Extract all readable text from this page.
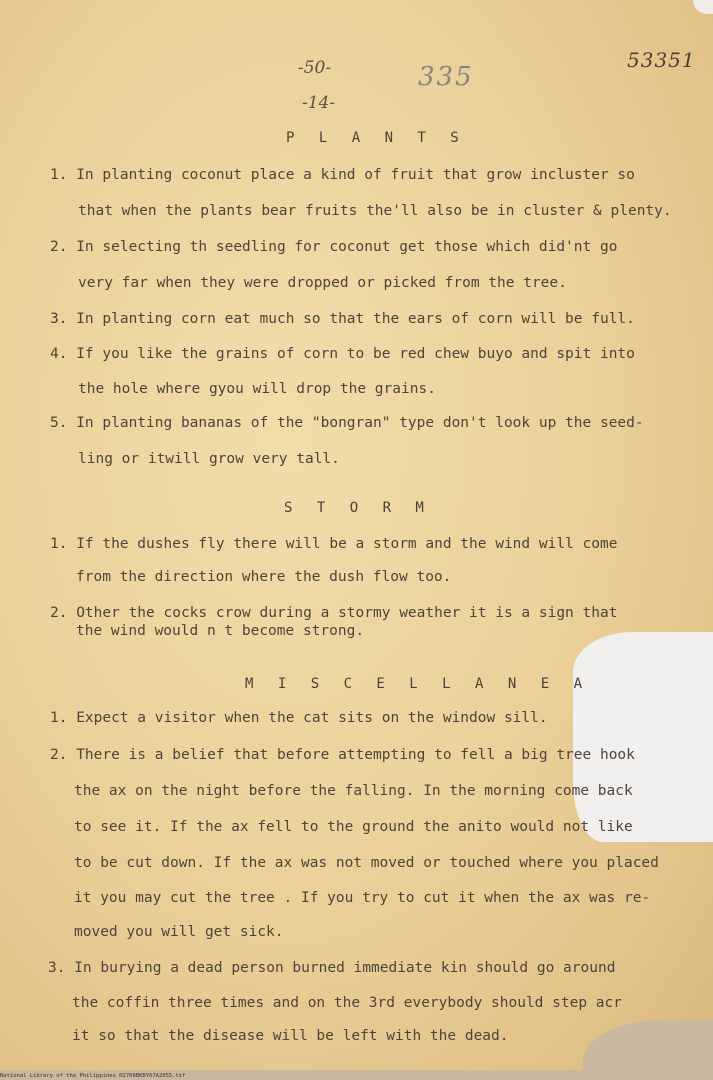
-50-
-14-
335
53351
P L A N T S
1. In planting coconut place a kind of fruit that grow incluster so
that when the plants bear fruits the'll also be in cluster & plenty.
2. In selecting th seedling for coconut get those which did'nt go
very far when they were dropped or picked from the tree.
3. In planting corn eat much so that the ears of corn will be full.
4. If you like the grains of corn to be red chew buyo and spit into
the hole where gyou will drop the grains.
5. In planting bananas of the "bongran" type don't look up the seed-
ling or itwill grow very tall.
S T O R M
1. If the dushes fly there will be a storm and the wind will come
from the direction where the dush flow too.
2. Other the cocks crow during a stormy weather it is a sign that
the wind would n t become strong.
M I S C E L L A N E A
1. Expect a visitor when the cat sits on the window sill.
2. There is a belief that before attempting to fell a big tree hook
the ax on the night before the falling. In the morning come back
to see it. If the ax fell to the ground the anito would not like
to be cut down. If the ax was not moved or touched where you placed
it you may cut the tree . If you try to cut it when the ax was re-
moved you will get sick.
3. In burying a dead person burned immediate kin should go around
the coffin three times and on the 3rd everybody should step acr
it so that the disease will be left with the dead.
National Library of the Philippines H2708BKBY07A2055.tif
